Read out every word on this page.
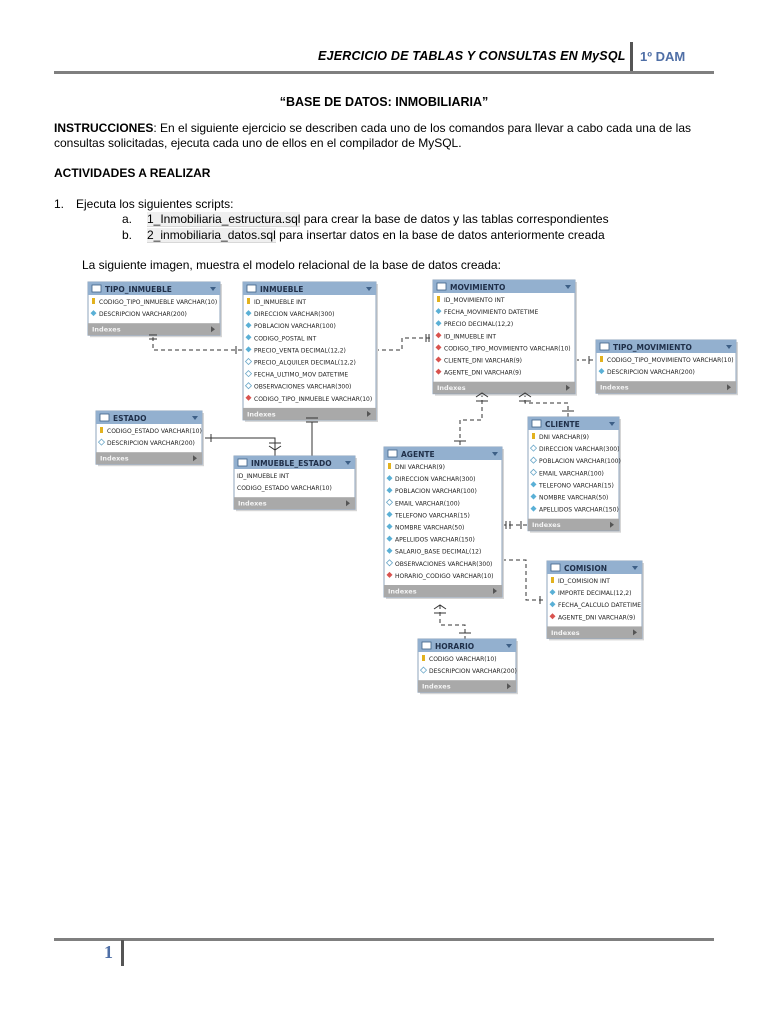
EJERCICIO DE TABLAS Y CONSULTAS EN MySQL 1º DAM
“BASE DE DATOS: INMOBILIARIA”
INSTRUCCIONES: En el siguiente ejercicio se describen cada uno de los comandos para llevar a cabo cada una de las consultas solicitadas, ejecuta cada uno de ellos en el compilador de MySQL.
ACTIVIDADES A REALIZAR
1. Ejecuta los siguientes scripts:
a. 1_Inmobiliaria_estructura.sql para crear la base de datos y las tablas correspondientes
b. 2_inmobiliaria_datos.sql para insertar datos en la base de datos anteriormente creada
La siguiente imagen, muestra el modelo relacional de la base de datos creada:
TIPO_INMUEBLE
CODIGO_TIPO_INMUEBLE VARCHAR(10)
DESCRIPCION VARCHAR(200)
Indexes
INMUEBLE
ID_INMUEBLE INT
DIRECCION VARCHAR(300)
POBLACION VARCHAR(100)
CODIGO_POSTAL INT
PRECIO_VENTA DECIMAL(12,2)
PRECIO_ALQUILER DECIMAL(12,2)
FECHA_ULTIMO_MOV DATETIME
OBSERVACIONES VARCHAR(300)
CODIGO_TIPO_INMUEBLE VARCHAR(10)
Indexes
MOVIMIENTO
ID_MOVIMIENTO INT
FECHA_MOVIMIENTO DATETIME
PRECIO DECIMAL(12,2)
ID_INMUEBLE INT
CODIGO_TIPO_MOVIMIENTO VARCHAR(10)
CLIENTE_DNI VARCHAR(9)
AGENTE_DNI VARCHAR(9)
Indexes
TIPO_MOVIMIENTO
CODIGO_TIPO_MOVIMIENTO VARCHAR(10)
DESCRIPCION VARCHAR(200)
Indexes
ESTADO
CODIGO_ESTADO VARCHAR(10)
DESCRIPCION VARCHAR(200)
Indexes
INMUEBLE_ESTADO
ID_INMUEBLE INT
CODIGO_ESTADO VARCHAR(10)
Indexes
CLIENTE
DNI VARCHAR(9)
DIRECCION VARCHAR(300)
POBLACION VARCHAR(100)
EMAIL VARCHAR(100)
TELEFONO VARCHAR(15)
NOMBRE VARCHAR(50)
APELLIDOS VARCHAR(150)
Indexes
AGENTE
DNI VARCHAR(9)
DIRECCION VARCHAR(300)
POBLACION VARCHAR(100)
EMAIL VARCHAR(100)
TELEFONO VARCHAR(15)
NOMBRE VARCHAR(50)
APELLIDOS VARCHAR(150)
SALARIO_BASE DECIMAL(12)
OBSERVACIONES VARCHAR(300)
HORARIO_CODIGO VARCHAR(10)
Indexes
COMISION
ID_COMISION INT
IMPORTE DECIMAL(12,2)
FECHA_CALCULO DATETIME
AGENTE_DNI VARCHAR(9)
Indexes
HORARIO
CODIGO VARCHAR(10)
DESCRIPCION VARCHAR(200)
Indexes
1
